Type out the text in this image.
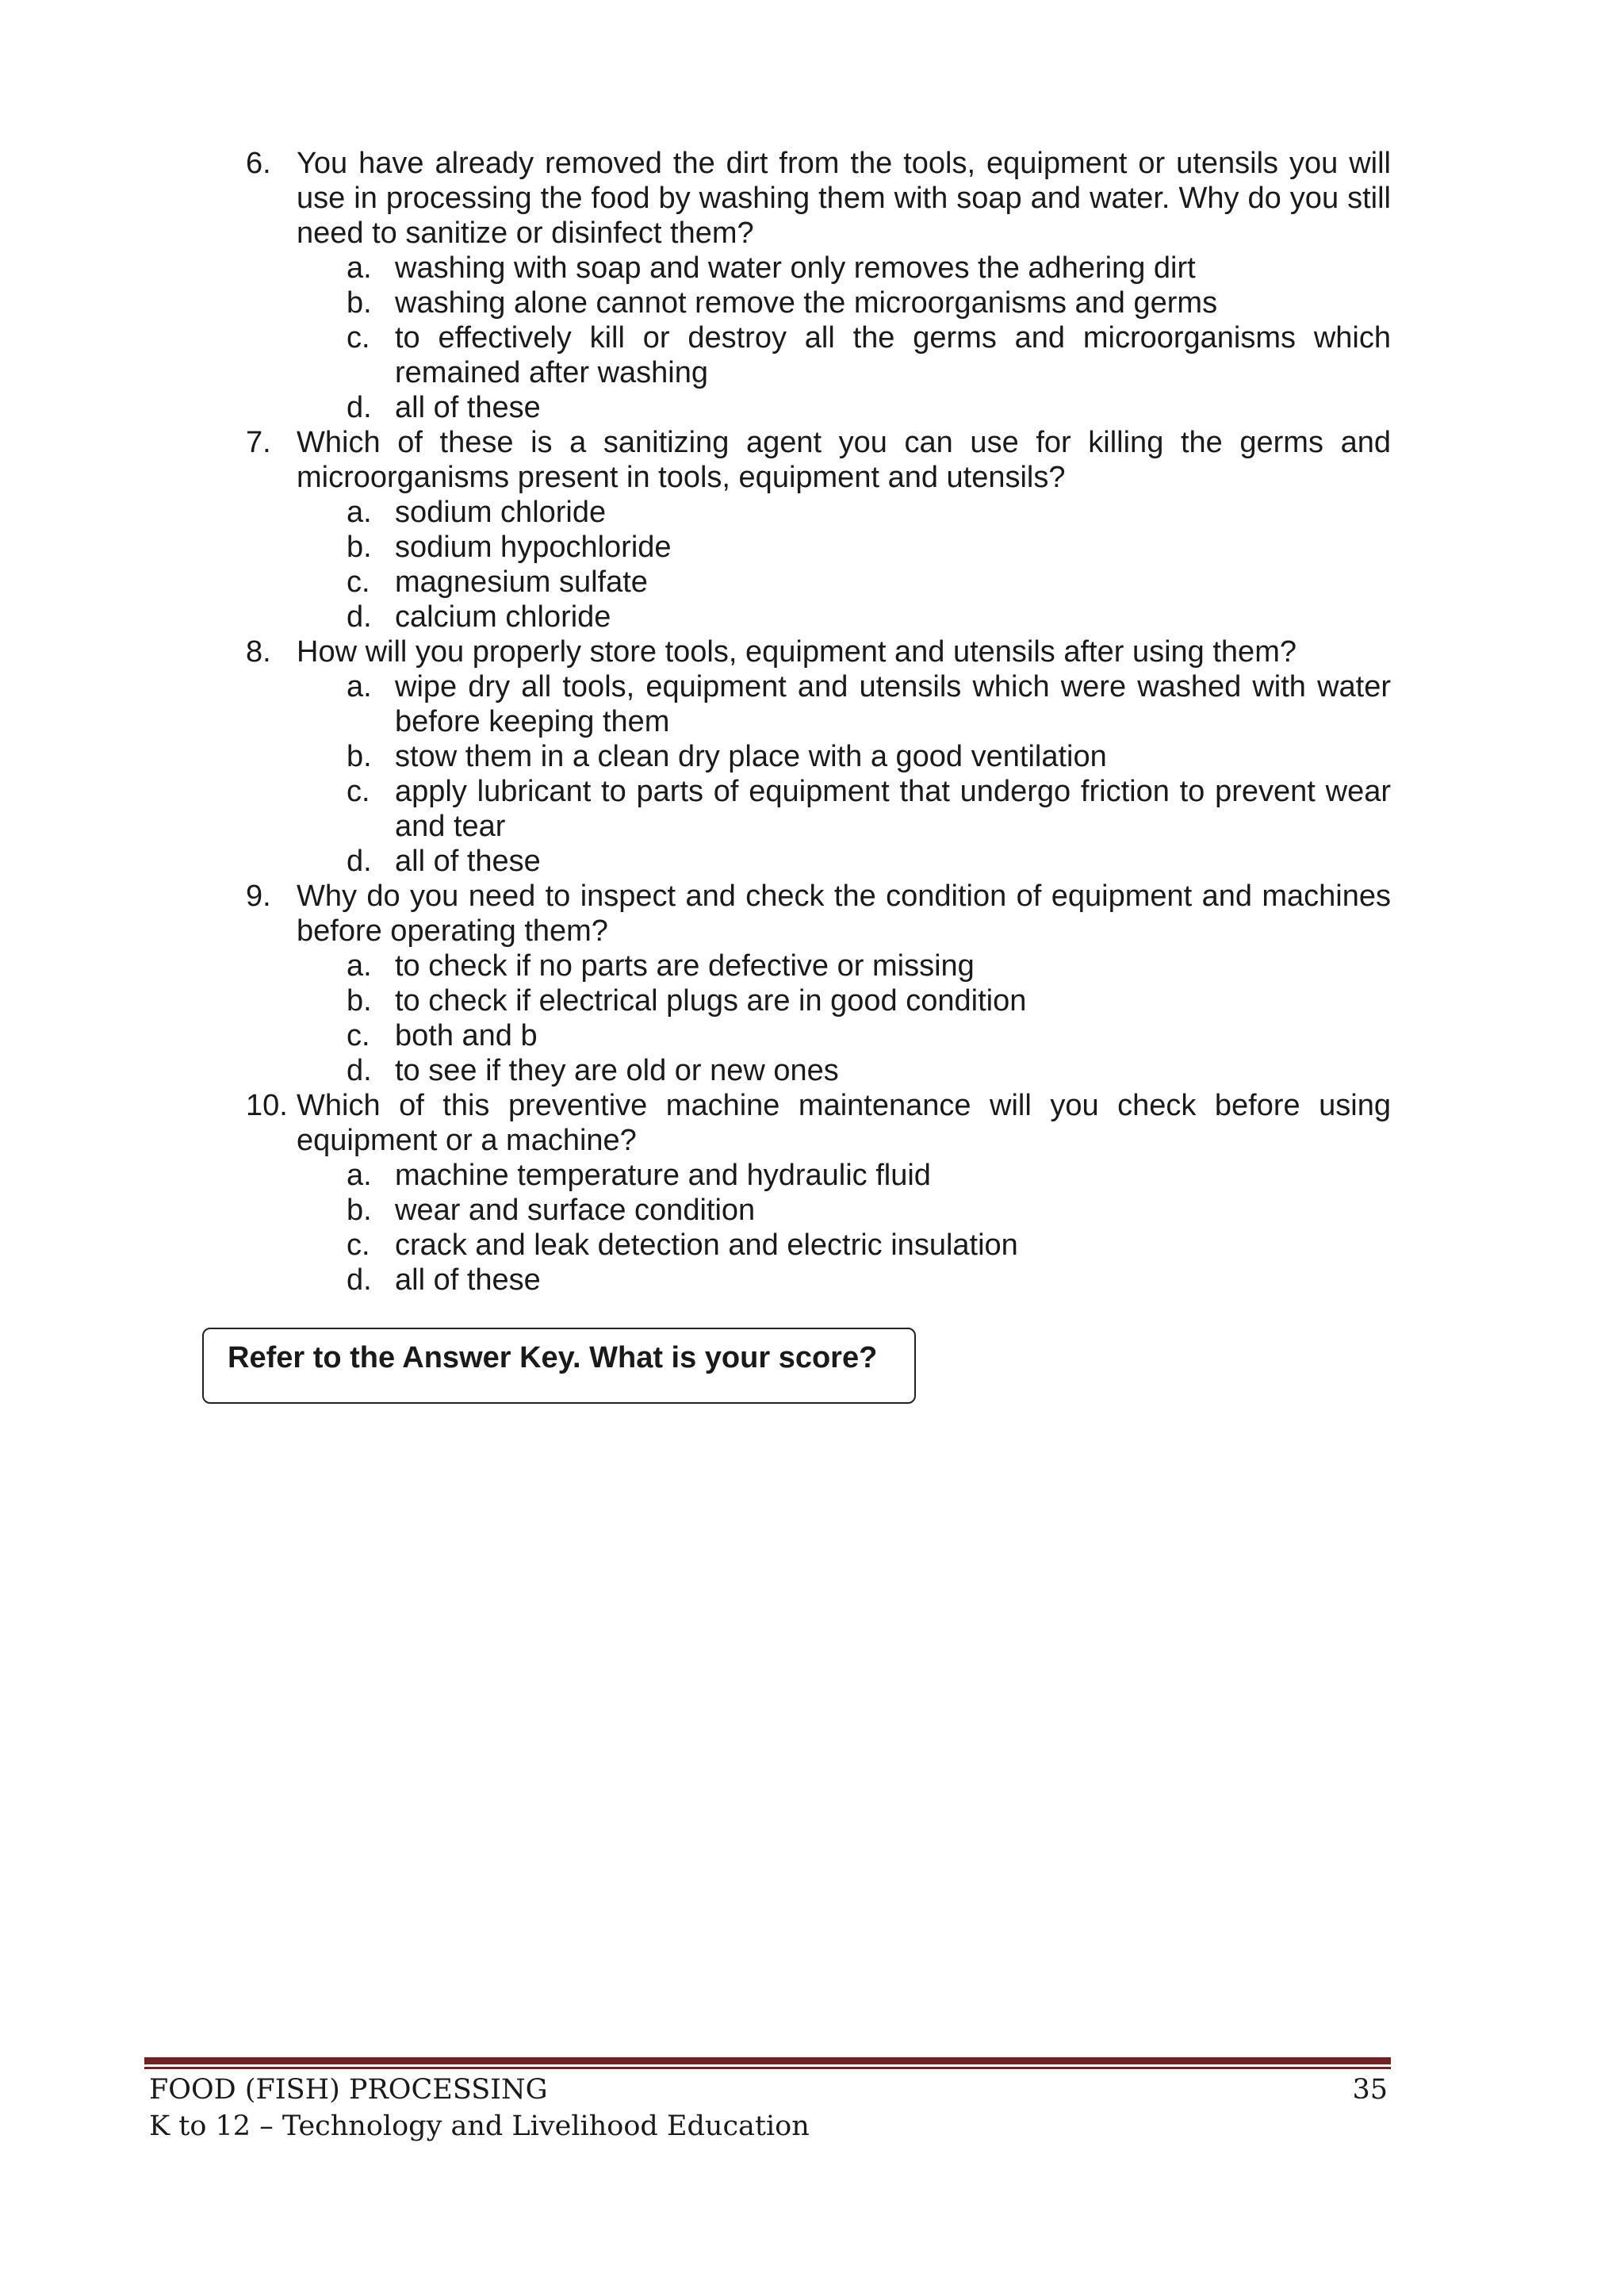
6. You have already removed the dirt from the tools, equipment or utensils you will use in processing the food by washing them with soap and water. Why do you still need to sanitize or disinfect them?
a. washing with soap and water only removes the adhering dirt
b. washing alone cannot remove the microorganisms and germs
c. to effectively kill or destroy all the germs and microorganisms which remained after washing
d. all of these
7. Which of these is a sanitizing agent you can use for killing the germs and microorganisms present in tools, equipment and utensils?
a. sodium chloride
b. sodium hypochloride
c. magnesium sulfate
d. calcium chloride
8. How will you properly store tools, equipment and utensils after using them?
a. wipe dry all tools, equipment and utensils which were washed with water before keeping them
b. stow them in a clean dry place with a good ventilation
c. apply lubricant to parts of equipment that undergo friction to prevent wear and tear
d. all of these
9. Why do you need to inspect and check the condition of equipment and machines before operating them?
a. to check if no parts are defective or missing
b. to check if electrical plugs are in good condition
c. both and b
d. to see if they are old or new ones
10. Which of this preventive machine maintenance will you check before using equipment or a machine?
a. machine temperature and hydraulic fluid
b. wear and surface condition
c. crack and leak detection and electric insulation
d. all of these
Refer to the Answer Key. What is your score?
FOOD (FISH) PROCESSING
K to 12 – Technology and Livelihood Education
35
